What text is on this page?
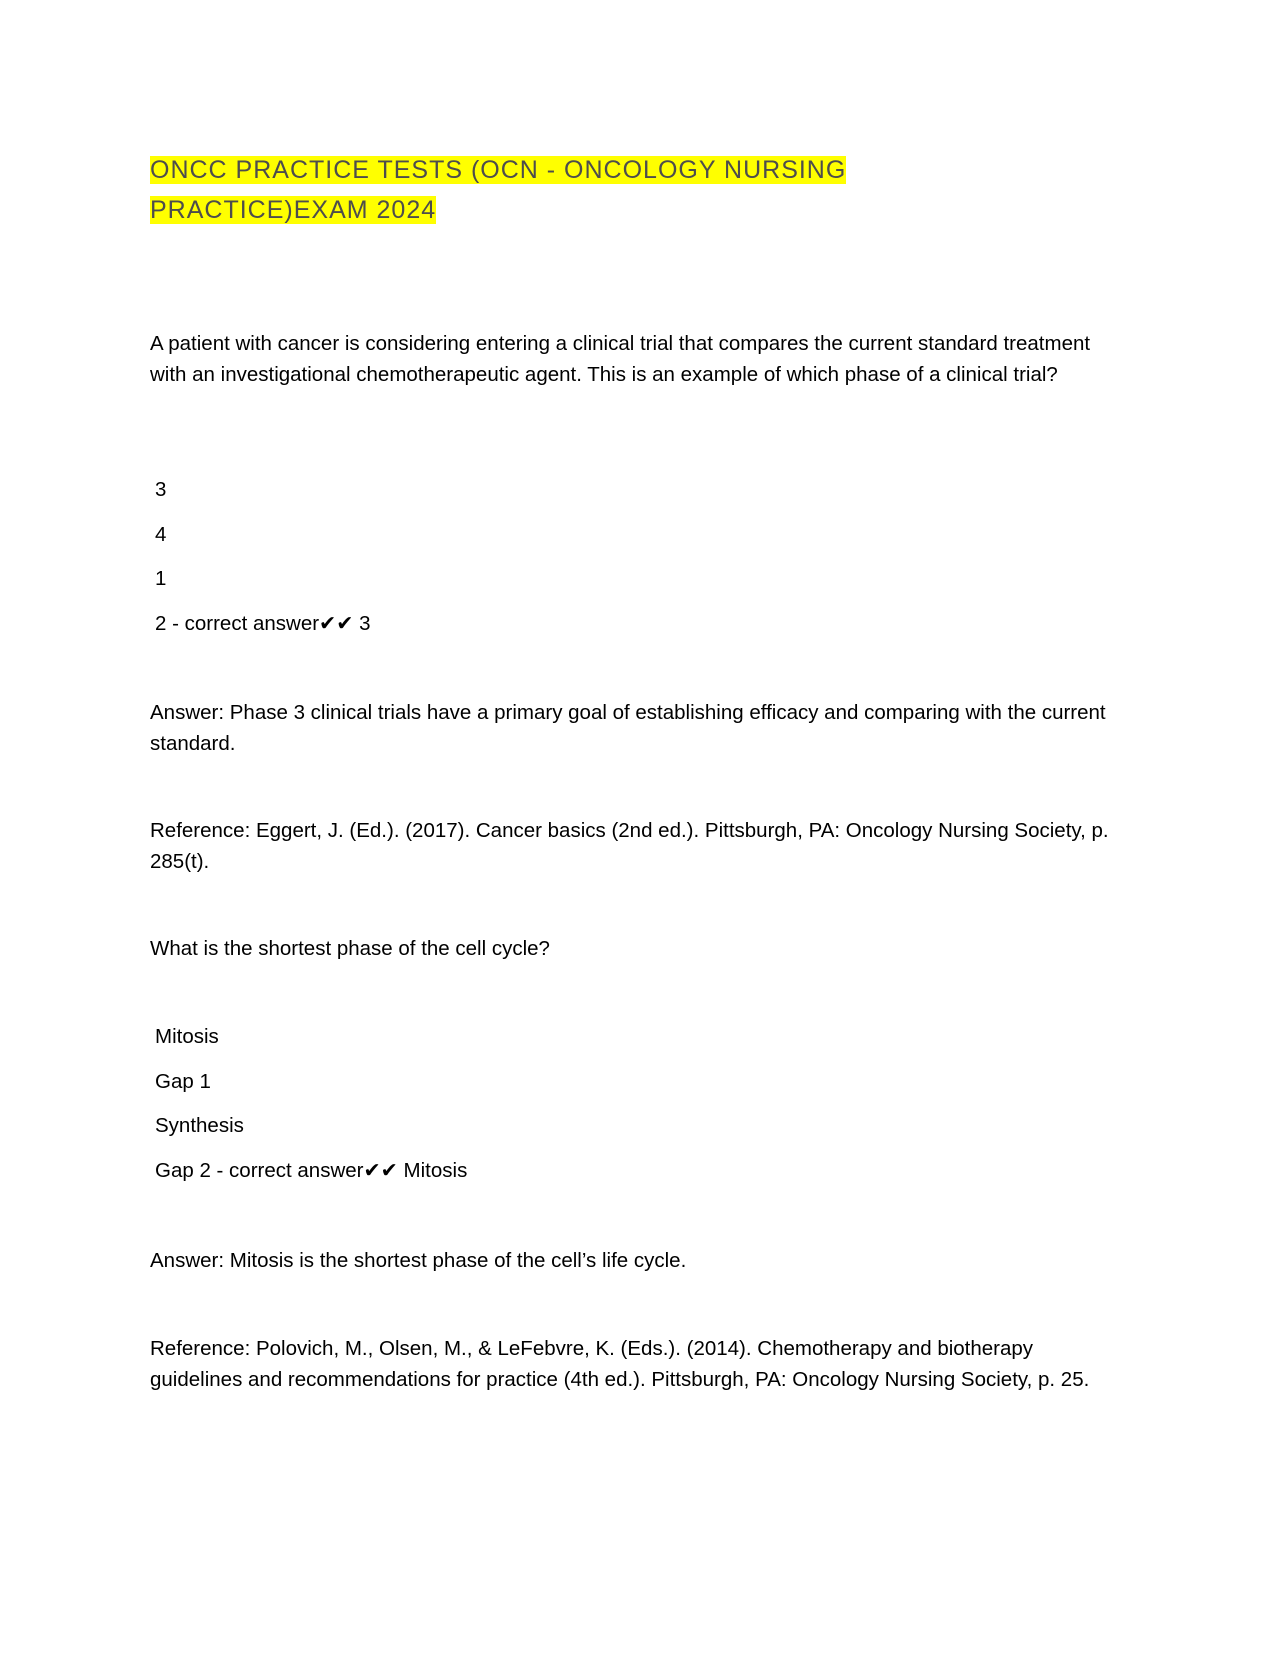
ONCC PRACTICE TESTS (OCN - ONCOLOGY NURSING PRACTICE)EXAM 2024

A patient with cancer is considering entering a clinical trial that compares the current standard treatment with an investigational chemotherapeutic agent. This is an example of which phase of a clinical trial?

3

4

1

2 - correct answer✔✔ 3

Answer: Phase 3 clinical trials have a primary goal of establishing efficacy and comparing with the current standard.

Reference: Eggert, J. (Ed.). (2017). Cancer basics (2nd ed.). Pittsburgh, PA: Oncology Nursing Society, p. 285(t).

What is the shortest phase of the cell cycle?

Mitosis

Gap 1

Synthesis

Gap 2 - correct answer✔✔ Mitosis

Answer: Mitosis is the shortest phase of the cell’s life cycle.

Reference: Polovich, M., Olsen, M., & LeFebvre, K. (Eds.). (2014). Chemotherapy and biotherapy guidelines and recommendations for practice (4th ed.). Pittsburgh, PA: Oncology Nursing Society, p. 25.
